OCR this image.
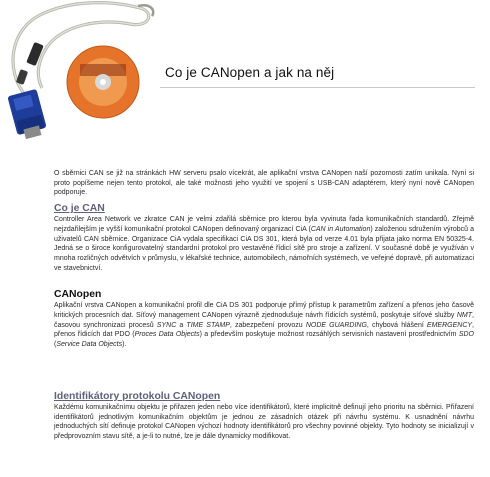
Co je CANopen a jak na něj

O sběrnici CAN se již na stránkách HW serveru psalo vícekrát, ale aplikační vrstva CANopen naší pozornosti zatím unikala. Nyní si proto popíšeme nejen tento protokol, ale také možnosti jeho využití ve spojení s USB-CAN adaptérem, který nyní nově CANopen podporuje.

Co je CAN

Controller Area Network ve zkratce CAN je velmi zdařilá sběrnice pro kterou byla vyvinuta řada komunikačních standardů. Zřejmě nejzdařilejším je vyšší komunikační protokol CANopen definovaný organizací CiA (CAN in Automation) založenou sdružením výrobců a uživatelů CAN sběrnice. Organizace CiA vydala specifikaci CiA DS 301, která byla od verze 4.01 byla přijata jako norma EN 50325-4. Jedná se o široce konfigurovatelný standardní protokol pro vestavěné řídicí sítě pro stroje a zařízení. V současné době je využíván v mnoha rozličných odvětvích v průmyslu, v lékařské technice, automobilech, námořních systémech, ve veřejné dopravě, při automatizaci ve stavebnictví.

CANopen

Aplikační vrstva CANopen a komunikační profil dle CiA DS 301 podporuje přímý přístup k parametrům zařízení a přenos jeho časově kritických procesních dat. Síťový management CANopen výrazně zjednodušuje návrh řídicích systémů, poskytuje síťové služby NMT, časovou synchronizaci procesů SYNC a TIME STAMP, zabezpečení provozu NODE GUARDING, chybová hlášení EMERGENCY, přenos řídicích dat PDO (Proces Data Objects) a především poskytuje možnost rozsáhlých servisních nastavení prostřednictvím SDO (Service Data Objects).

Identifikátory protokolu CANopen

Každému komunikačnímu objektu je přiřazen jeden nebo více identifikátorů, které implicitně definují jeho prioritu na sběrnici. Přiřazení identifikátorů jednotlivým komunikačním objektům je jednou ze zásadních otázek při návrhu systému. K usnadnění návrhu jednoduchých sítí definuje protokol CANopen výchozí hodnoty identifikátorů pro všechny povinné objekty. Tyto hodnoty se inicializují v předprovozním stavu sítě, a je-li to nutné, lze je dále dynamicky modifikovat.
